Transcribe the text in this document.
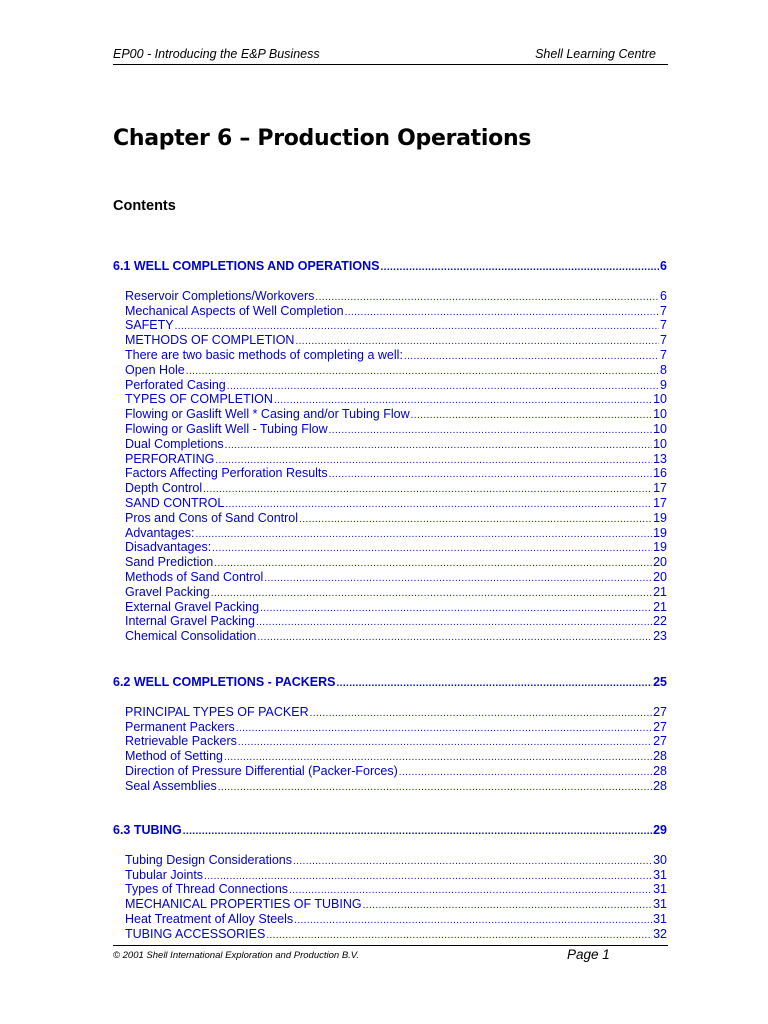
EP00 - Introducing the E&P Business	Shell Learning Centre
Chapter 6 – Production Operations
Contents
6.1 WELL COMPLETIONS AND OPERATIONS .....	6
Reservoir Completions/Workovers .....	6
Mechanical Aspects of Well Completion .....	7
SAFETY .....	7
METHODS OF COMPLETION .....	7
There are two basic methods of completing a well: .....	7
Open Hole .....	8
Perforated Casing .....	9
TYPES OF COMPLETION .....	10
Flowing or Gaslift Well * Casing and/or Tubing Flow .....	10
Flowing or Gaslift Well - Tubing Flow .....	10
Dual Completions .....	10
PERFORATING .....	13
Factors Affecting Perforation Results .....	16
Depth Control .....	17
SAND CONTROL .....	17
Pros and Cons of Sand Control .....	19
Advantages: .....	19
Disadvantages: .....	19
Sand Prediction .....	20
Methods of Sand Control .....	20
Gravel Packing .....	21
External Gravel Packing .....	21
Internal Gravel Packing .....	22
Chemical Consolidation .....	23
6.2 WELL COMPLETIONS - PACKERS .....	25
PRINCIPAL TYPES OF PACKER .....	27
Permanent Packers .....	27
Retrievable Packers .....	27
Method of Setting .....	28
Direction of Pressure Differential (Packer-Forces) .....	28
Seal Assemblies .....	28
6.3 TUBING .....	29
Tubing Design Considerations .....	30
Tubular Joints .....	31
Types of Thread Connections .....	31
MECHANICAL PROPERTIES OF TUBING .....	31
Heat Treatment of Alloy Steels .....	31
TUBING ACCESSORIES .....	32
© 2001 Shell International Exploration and Production B.V.	Page 1
